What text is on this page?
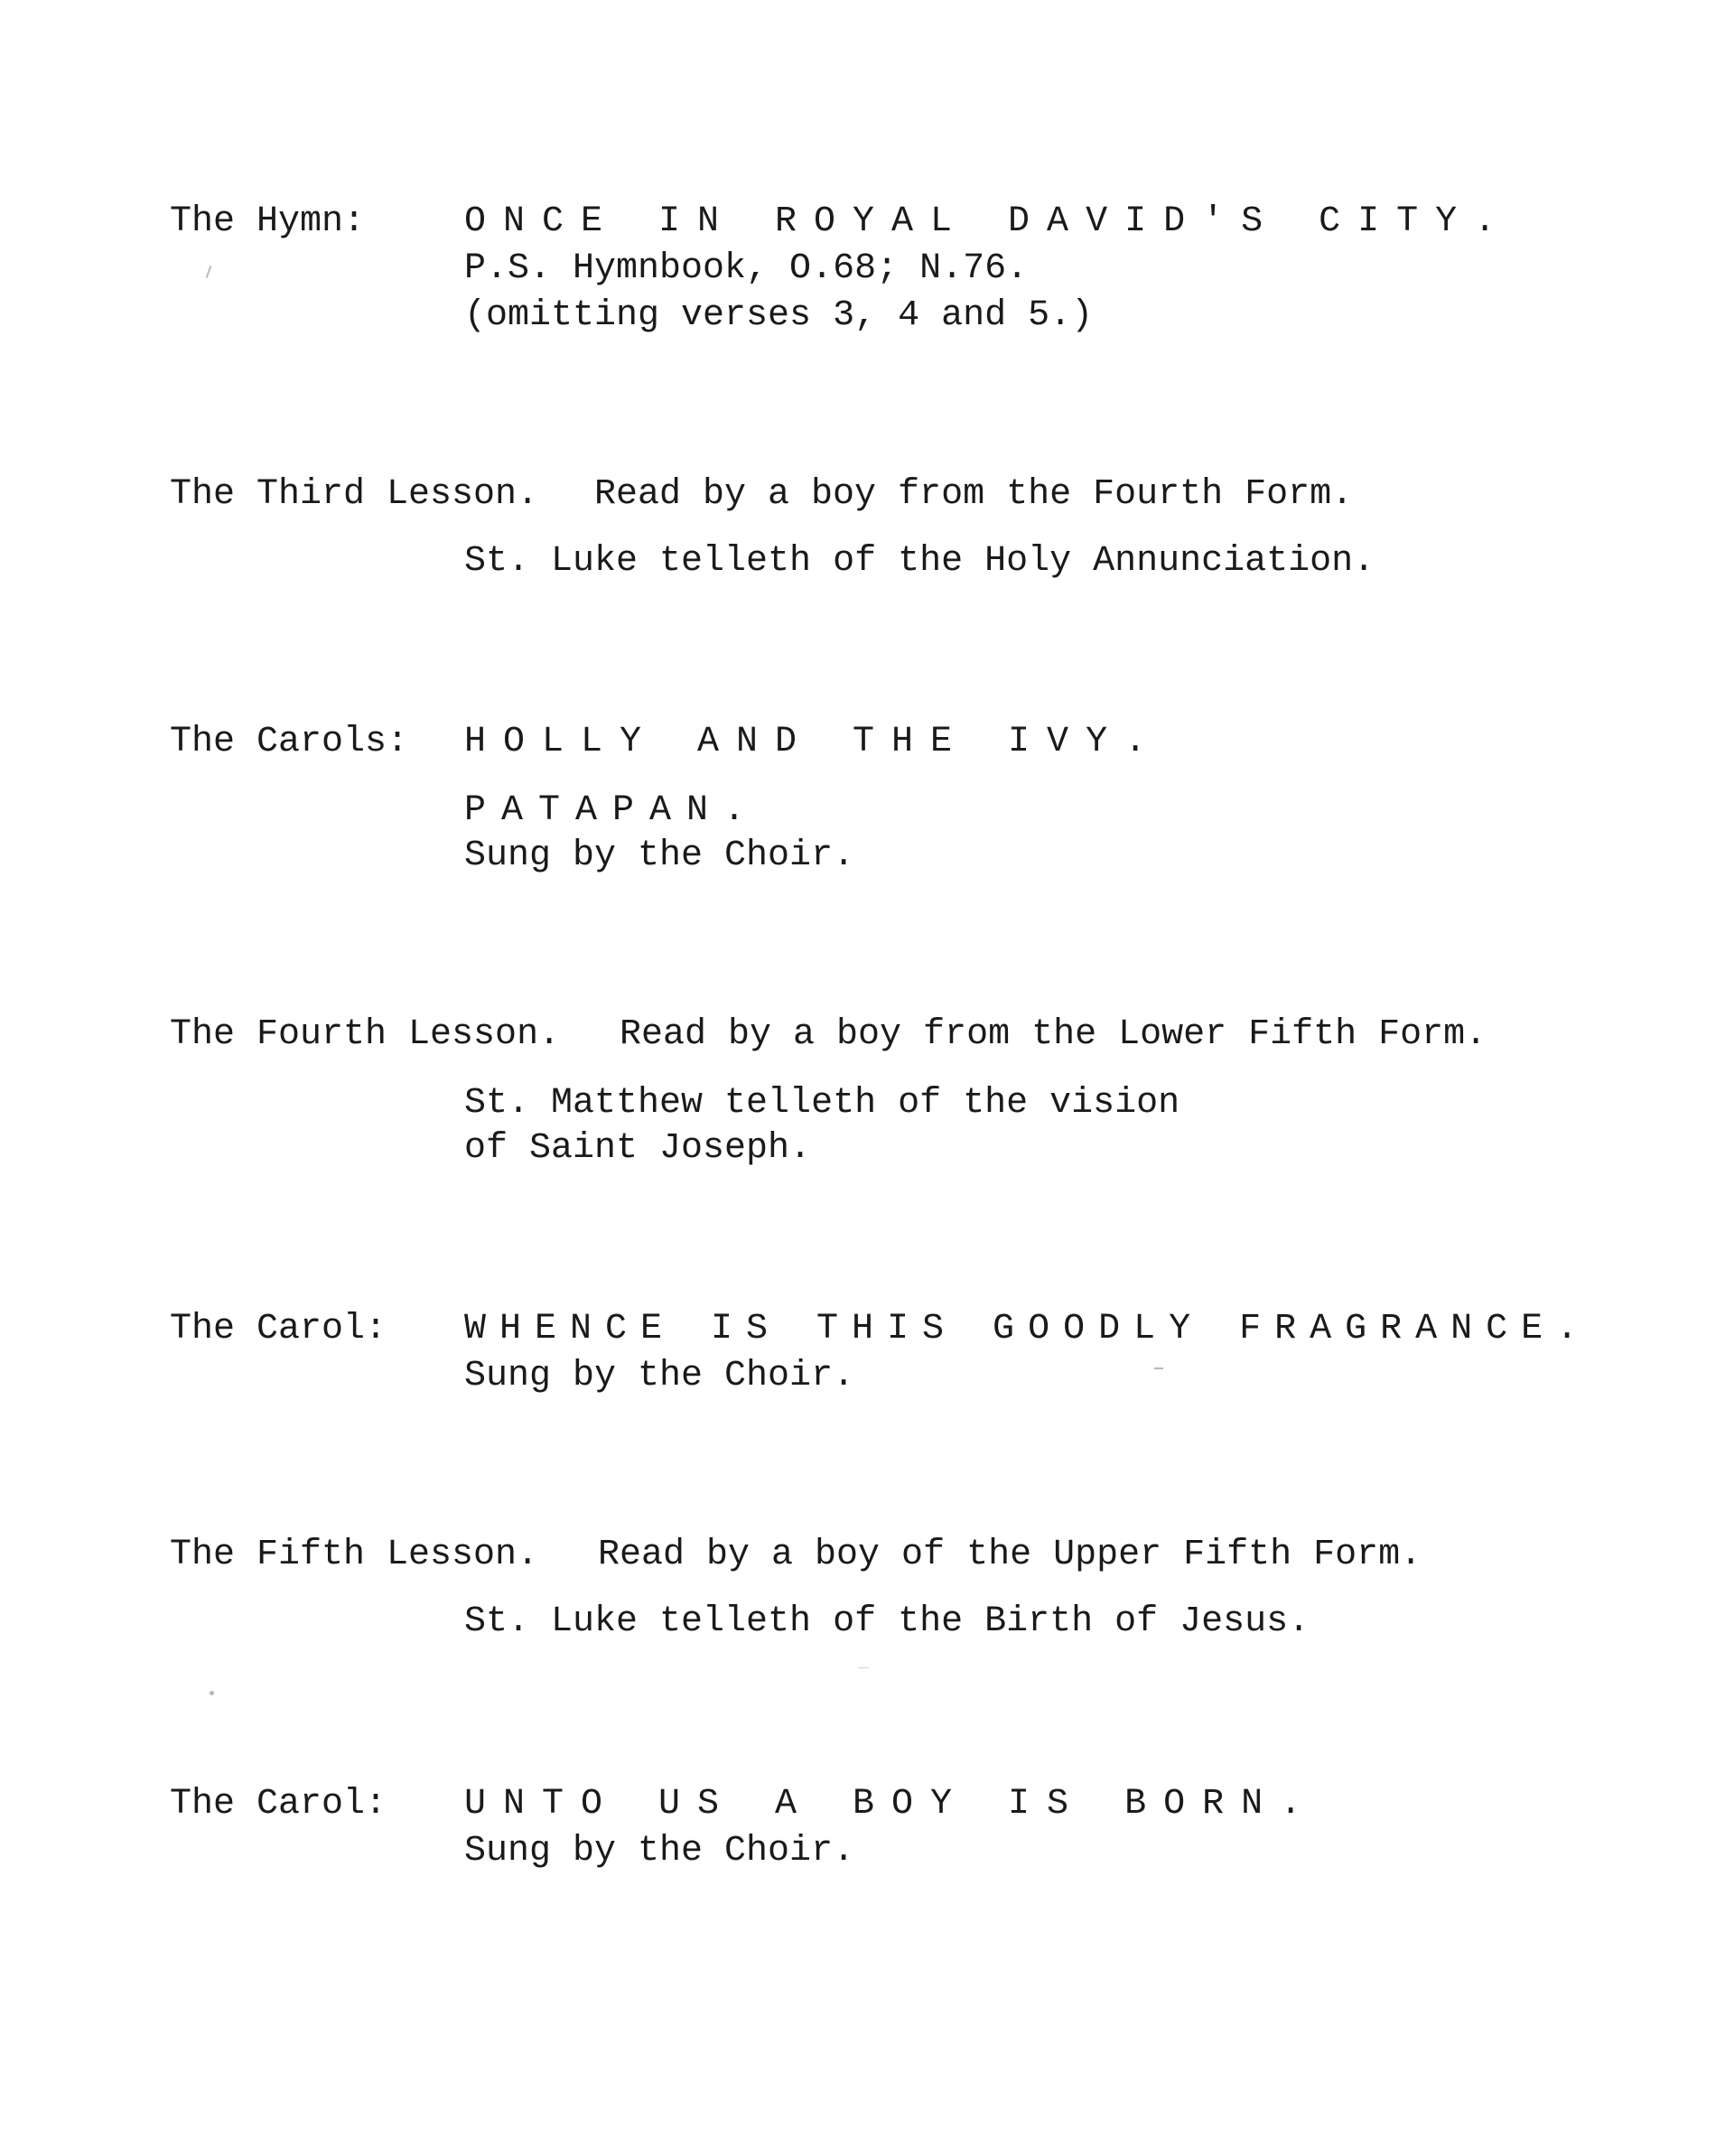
The Hymn:	ONCE IN ROYAL DAVID'S CITY.
P.S. Hymnbook, O.68; N.76.
(omitting verses 3, 4 and 5.)
The Third Lesson. Read by a boy from the Fourth Form.
St. Luke telleth of the Holy Annunciation.
The Carols: HOLLY AND THE IVY.
PATAPAN.
Sung by the Choir.
The Fourth Lesson. Read by a boy from the Lower Fifth Form.
St. Matthew telleth of the vision
of Saint Joseph.
The Carol: WHENCE IS THIS GOODLY FRAGRANCE.
Sung by the Choir.
The Fifth Lesson. Read by a boy of the Upper Fifth Form.
St. Luke telleth of the Birth of Jesus.
The Carol: UNTO US A BOY IS BORN.
Sung by the Choir.
